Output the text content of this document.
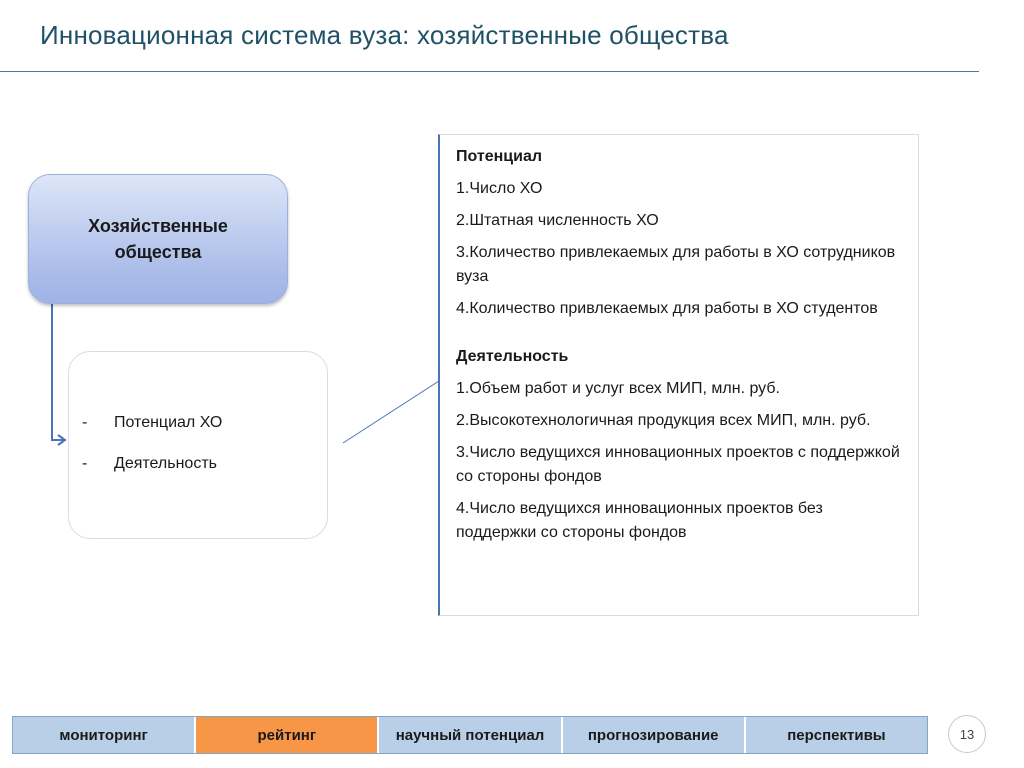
Инновационная система вуза: хозяйственные общества
Хозяйственные общества
-	Потенциал ХО
-	Деятельность
Потенциал
1.Число ХО
2.Штатная численность ХО
3.Количество привлекаемых для работы в ХО сотрудников вуза
4.Количество привлекаемых для работы в ХО студентов
Деятельность
1.Объем работ и услуг всех МИП, млн. руб.
2.Высокотехнологичная продукция всех МИП, млн. руб.
3.Число ведущихся инновационных проектов с поддержкой со стороны фондов
4.Число ведущихся инновационных проектов без поддержки со стороны фондов
мониторинг	рейтинг	научный потенциал	прогнозирование	перспективы	13
